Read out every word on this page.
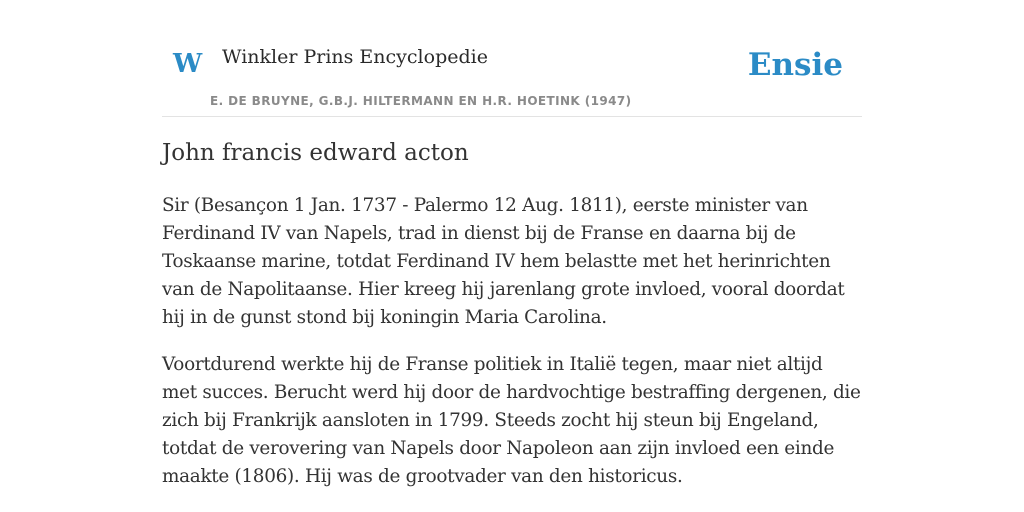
W Winkler Prins Encyclopedie
E. DE BRUYNE, G.B.J. HILTERMANN EN H.R. HOETINK (1947)
Ensie
John francis edward acton

Sir (Besançon 1 Jan. 1737 - Palermo 12 Aug. 1811), eerste minister van Ferdinand IV van Napels, trad in dienst bij de Franse en daarna bij de Toskaanse marine, totdat Ferdinand IV hem belastte met het herinrichten van de Napolitaanse. Hier kreeg hij jarenlang grote invloed, vooral doordat hij in de gunst stond bij koningin Maria Carolina.

Voortdurend werkte hij de Franse politiek in Italië tegen, maar niet altijd met succes. Berucht werd hij door de hardvochtige bestraffing dergenen, die zich bij Frankrijk aansloten in 1799. Steeds zocht hij steun bij Engeland, totdat de verovering van Napels door Napoleon aan zijn invloed een einde maakte (1806). Hij was de grootvader van den historicus.
